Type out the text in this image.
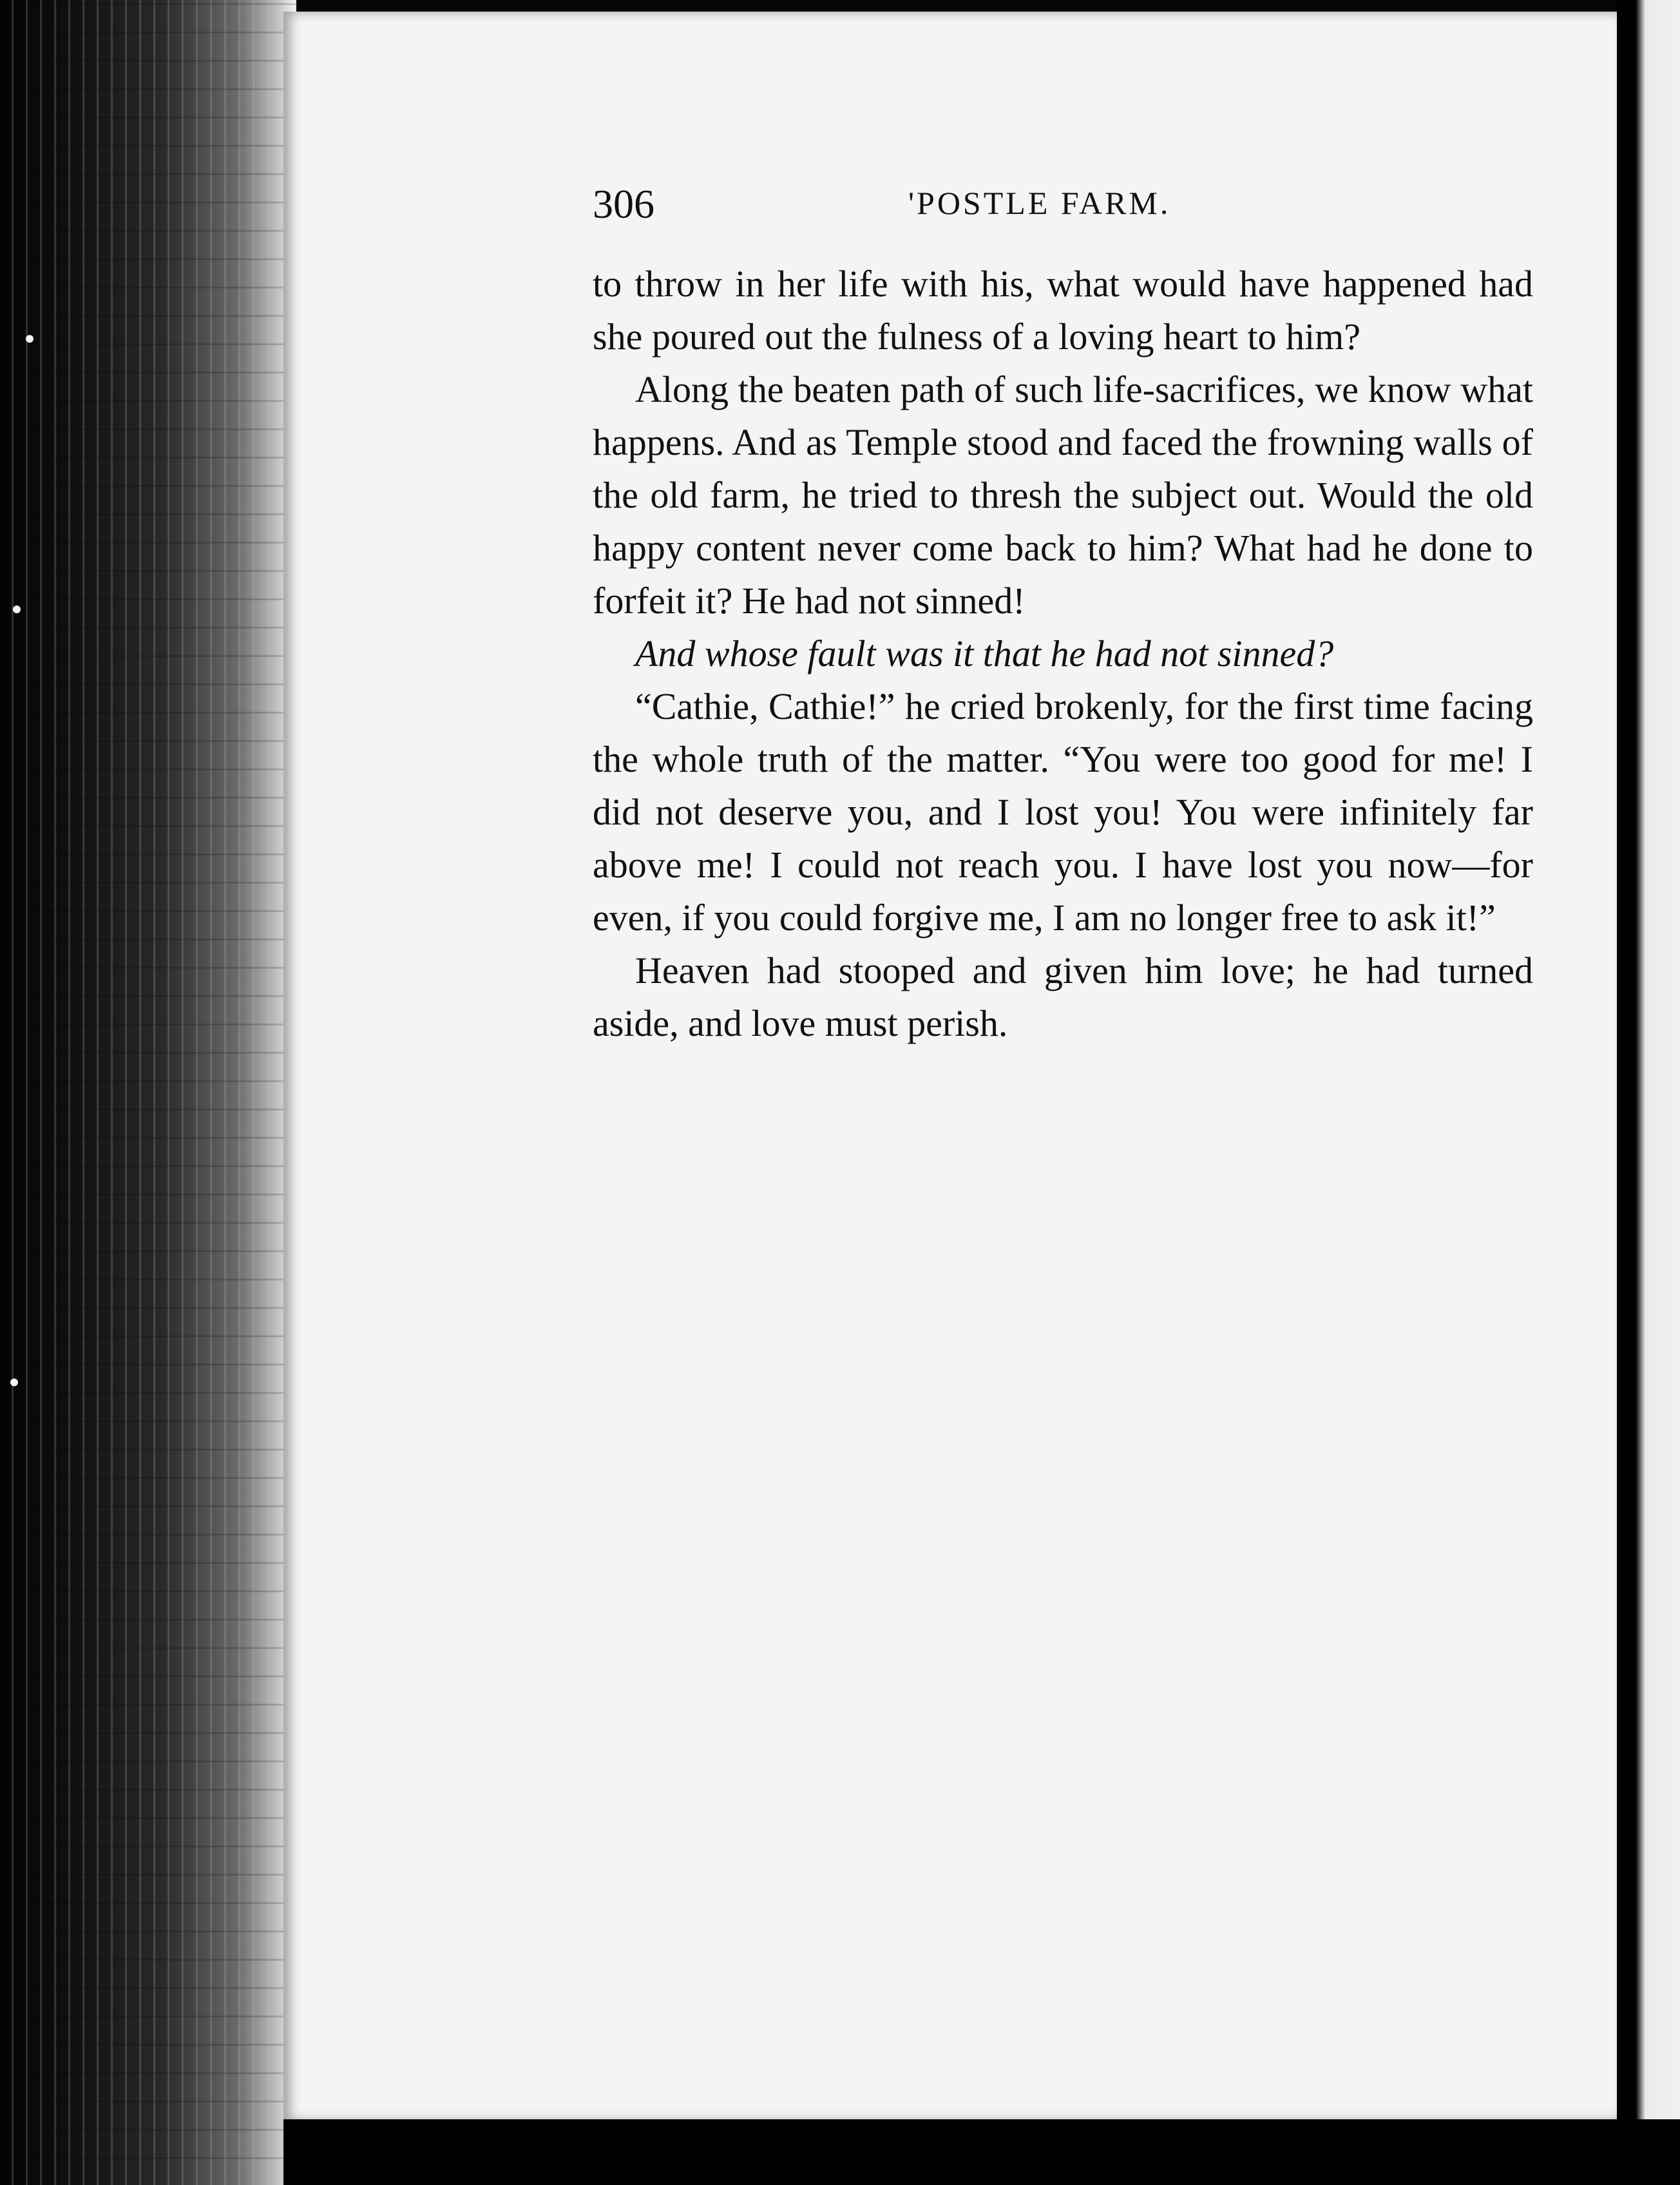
306	'POSTLE FARM.

to throw in her life with his, what would have happened had she poured out the fulness of a loving heart to him?

Along the beaten path of such life-sacrifices, we know what happens. And as Temple stood and faced the frowning walls of the old farm, he tried to thresh the subject out. Would the old happy content never come back to him? What had he done to forfeit it? He had not sinned!

And whose fault was it that he had not sinned?

“Cathie, Cathie!” he cried brokenly, for the first time facing the whole truth of the matter. “You were too good for me! I did not deserve you, and I lost you! You were infinitely far above me! I could not reach you. I have lost you now—for even, if you could forgive me, I am no longer free to ask it!”

Heaven had stooped and given him love; he had turned aside, and love must perish.
